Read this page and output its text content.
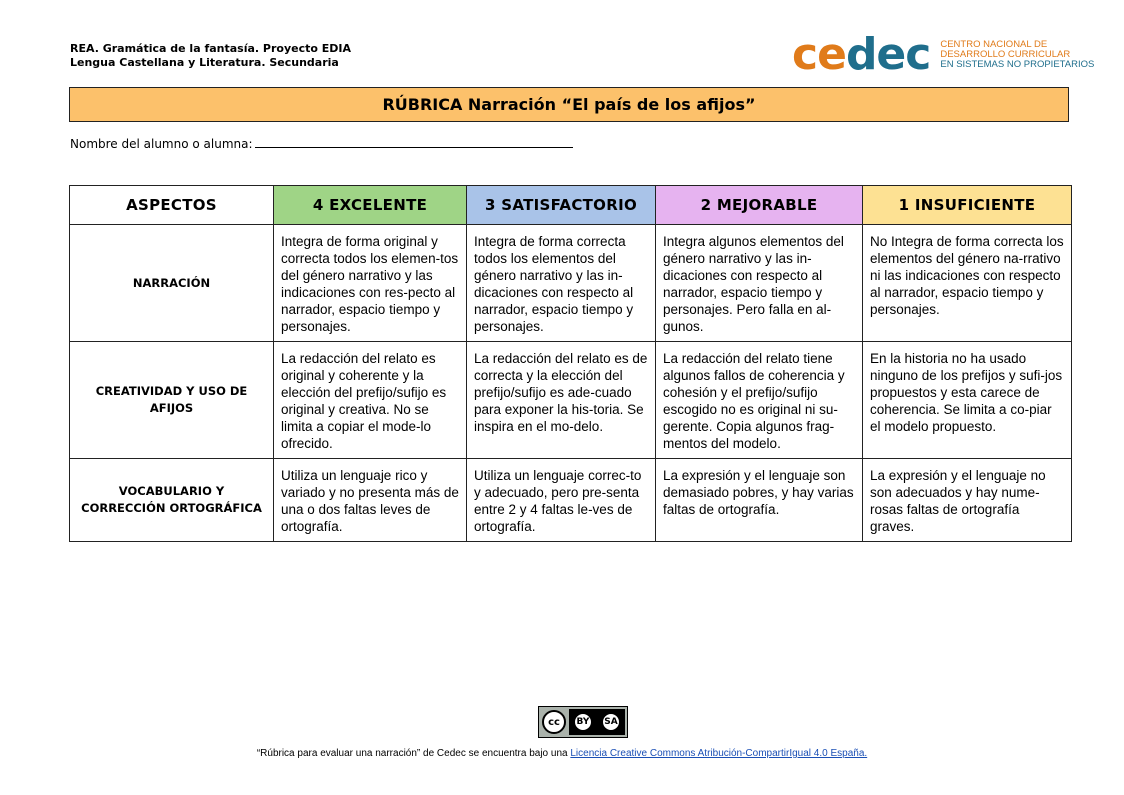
REA. Gramática de la fantasía. Proyecto EDIA
Lengua Castellana y Literatura. Secundaria	cedec CENTRO NACIONAL DE
DESARROLLO CURRICULAR
EN SISTEMAS NO PROPIETARIOS
RÚBRICA Narración “El país de los afijos”
Nombre del alumno o alumna:
ASPECTOS	4 EXCELENTE	3 SATISFACTORIO	2 MEJORABLE	1 INSUFICIENTE
NARRACIÓN	Integra de forma original y correcta todos los elemen-tos del género narrativo y las indicaciones con res-pecto al narrador, espacio tiempo y personajes.	Integra de forma correcta todos los elementos del género narrativo y las in-dicaciones con respecto al narrador, espacio tiempo y personajes.	Integra algunos elementos del género narrativo y las in-dicaciones con respecto al narrador, espacio tiempo y personajes. Pero falla en al-gunos.	No Integra de forma correcta los elementos del género na-rrativo ni las indicaciones con respecto al narrador, espacio tiempo y personajes.
CREATIVIDAD Y USO DE AFIJOS	La redacción del relato es original y coherente y la elección del prefijo/sufijo es original y creativa. No se limita a copiar el mode-lo ofrecido.	La redacción del relato es de correcta y la elección del prefijo/sufijo es ade-cuado para exponer la his-toria. Se inspira en el mo-delo.	La redacción del relato tiene algunos fallos de coherencia y cohesión y el prefijo/sufijo escogido no es original ni su-gerente. Copia algunos frag-mentos del modelo.	En la historia no ha usado ninguno de los prefijos y sufi-jos propuestos y esta carece de coherencia. Se limita a co-piar el modelo propuesto.
VOCABULARIO Y CORRECCIÓN ORTOGRÁFICA	Utiliza un lenguaje rico y variado y no presenta más de una o dos faltas leves de ortografía.	Utiliza un lenguaje correc-to y adecuado, pero pre-senta entre 2 y 4 faltas le-ves de ortografía.	La expresión y el lenguaje son demasiado pobres, y hay varias faltas de ortografía.	La expresión y el lenguaje no son adecuados y hay nume-rosas faltas de ortografía graves.
cc	BY SA
“Rúbrica para evaluar una narración” de Cedec se encuentra bajo una Licencia Creative Commons Atribución-CompartirIgual 4.0 España.
